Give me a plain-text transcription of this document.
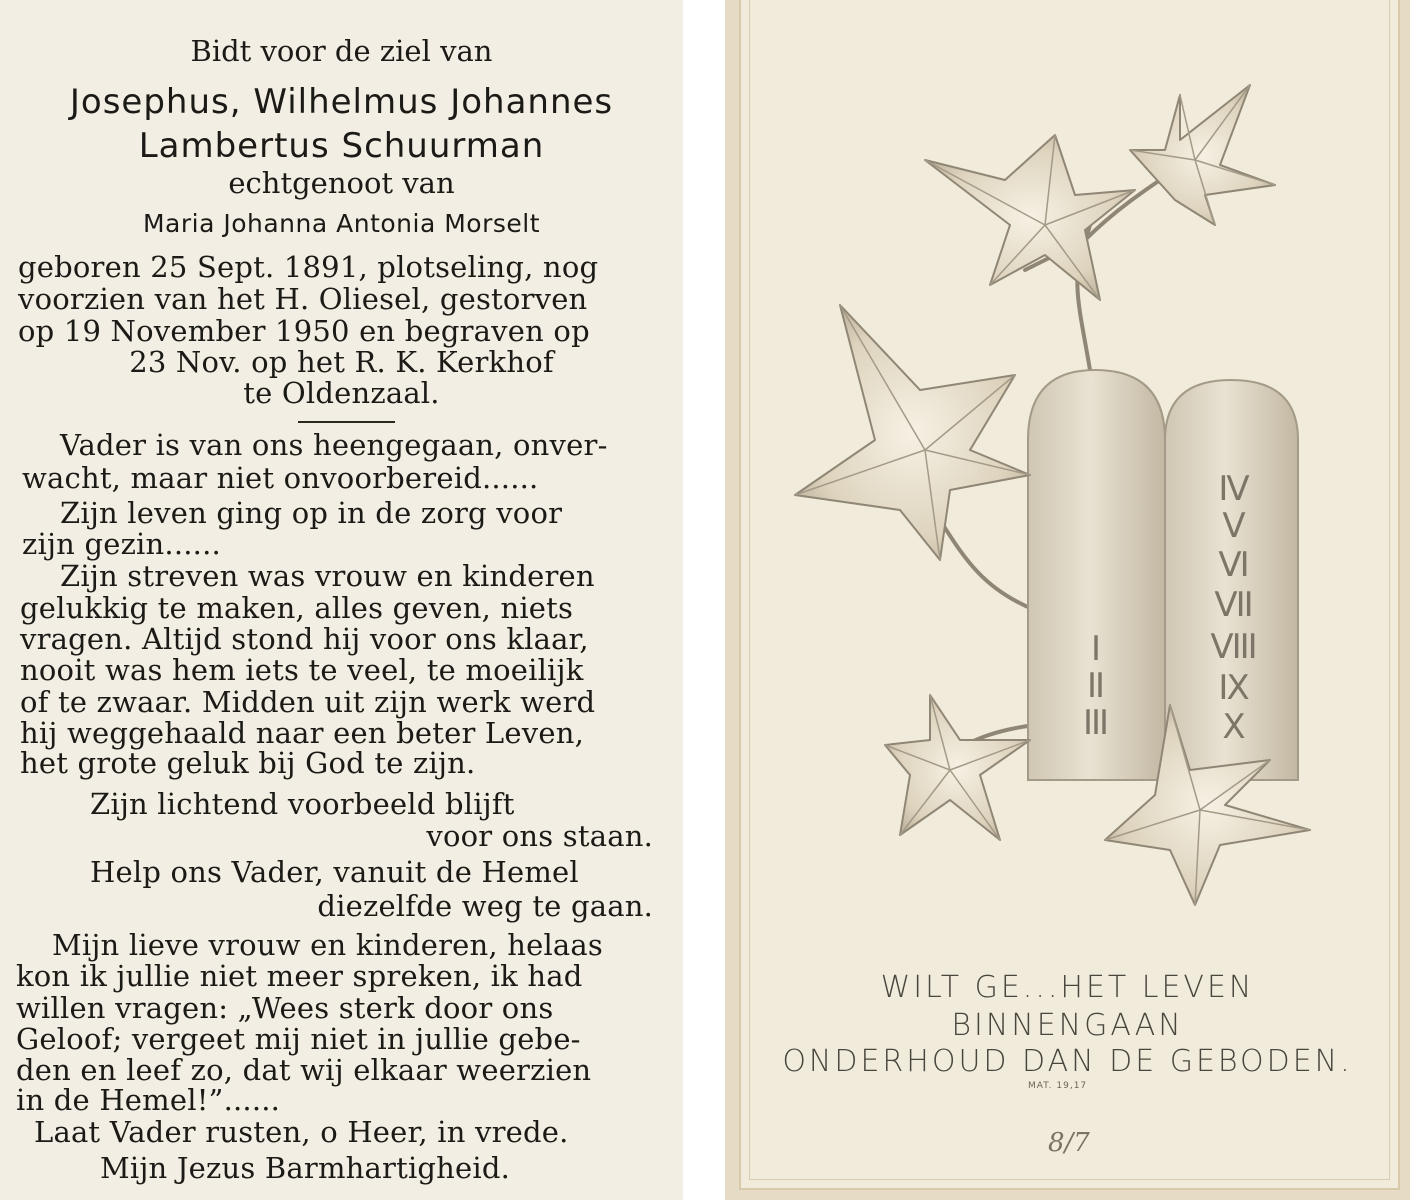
Bidt voor de ziel van
Josephus, Wilhelmus Johannes
Lambertus Schuurman
echtgenoot van
Maria Johanna Antonia Morselt
geboren 25 Sept. 1891, plotseling, nog
voorzien van het H. Oliesel, gestorven
op 19 November 1950 en begraven op
23 Nov. op het R. K. Kerkhof
te Oldenzaal.
Vader is van ons heengegaan, onver-
wacht, maar niet onvoorbereid......
Zijn leven ging op in de zorg voor
zijn gezin......
Zijn streven was vrouw en kinderen
gelukkig te maken, alles geven, niets
vragen. Altijd stond hij voor ons klaar,
nooit was hem iets te veel, te moeilijk
of te zwaar. Midden uit zijn werk werd
hij weggehaald naar een beter Leven,
het grote geluk bij God te zijn.
Zijn lichtend voorbeeld blijft
voor ons staan.
Help ons Vader, vanuit de Hemel
diezelfde weg te gaan.
Mijn lieve vrouw en kinderen, helaas
kon ik jullie niet meer spreken, ik had
willen vragen: „Wees sterk door ons
Geloof; vergeet mij niet in jullie gebe-
den en leef zo, dat wij elkaar weerzien
in de Hemel!”......
Laat Vader rusten, o Heer, in vrede.
Mijn Jezus Barmhartigheid.
I
II
III
IV
V
VI
VII
VIII
IX
X
WILT GE...HET LEVEN
BINNENGAAN
ONDERHOUD DAN DE GEBODEN.
MAT. 19,17
8/7
